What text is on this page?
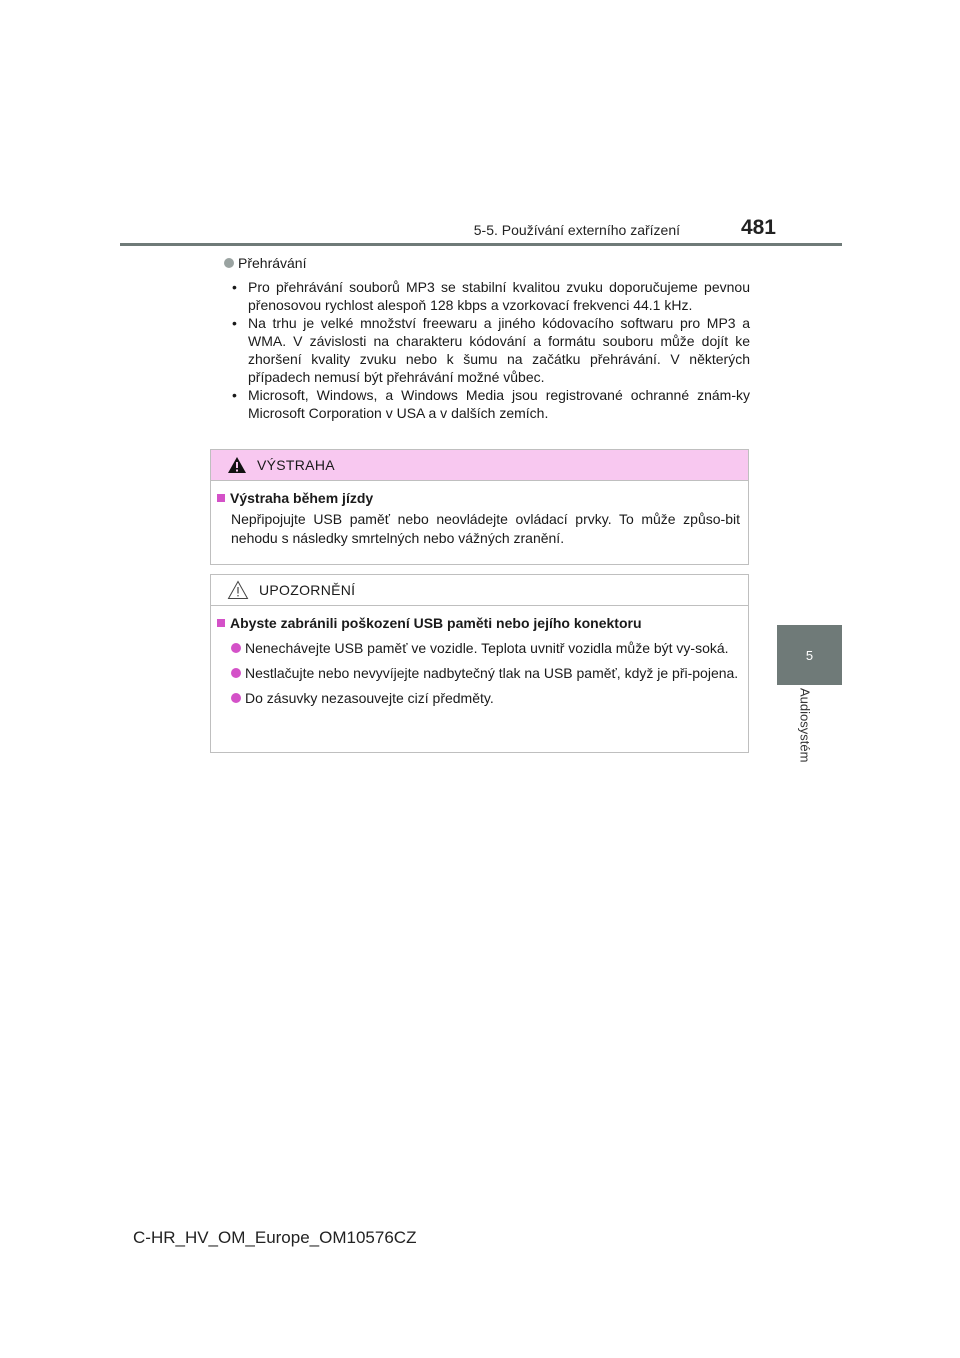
5-5. Používání externího zařízení	481
5
Audiosystém
Přehrávání
• Pro přehrávání souborů MP3 se stabilní kvalitou zvuku doporučujeme pevnou přenosovou rychlost alespoň 128 kbps a vzorkovací frekvenci 44.1 kHz.
• Na trhu je velké množství freewaru a jiného kódovacího softwaru pro MP3 a WMA. V závislosti na charakteru kódování a formátu souboru může dojít ke zhoršení kvality zvuku nebo k šumu na začátku přehrávání. V některých případech nemusí být přehrávání možné vůbec.
• Microsoft, Windows, a Windows Media jsou registrované ochranné znám-ky Microsoft Corporation v USA a v dalších zemích.
VÝSTRAHA
Výstraha během jízdy
Nepřipojujte USB paměť nebo neovládejte ovládací prvky. To může způso-bit nehodu s následky smrtelných nebo vážných zranění.
UPOZORNĚNÍ
Abyste zabránili poškození USB paměti nebo jejího konektoru
Nenechávejte USB paměť ve vozidle. Teplota uvnitř vozidla může být vy-soká.
Nestlačujte nebo nevyvíjejte nadbytečný tlak na USB paměť, když je při-pojena.
Do zásuvky nezasouvejte cizí předměty.
C-HR_HV_OM_Europe_OM10576CZ
